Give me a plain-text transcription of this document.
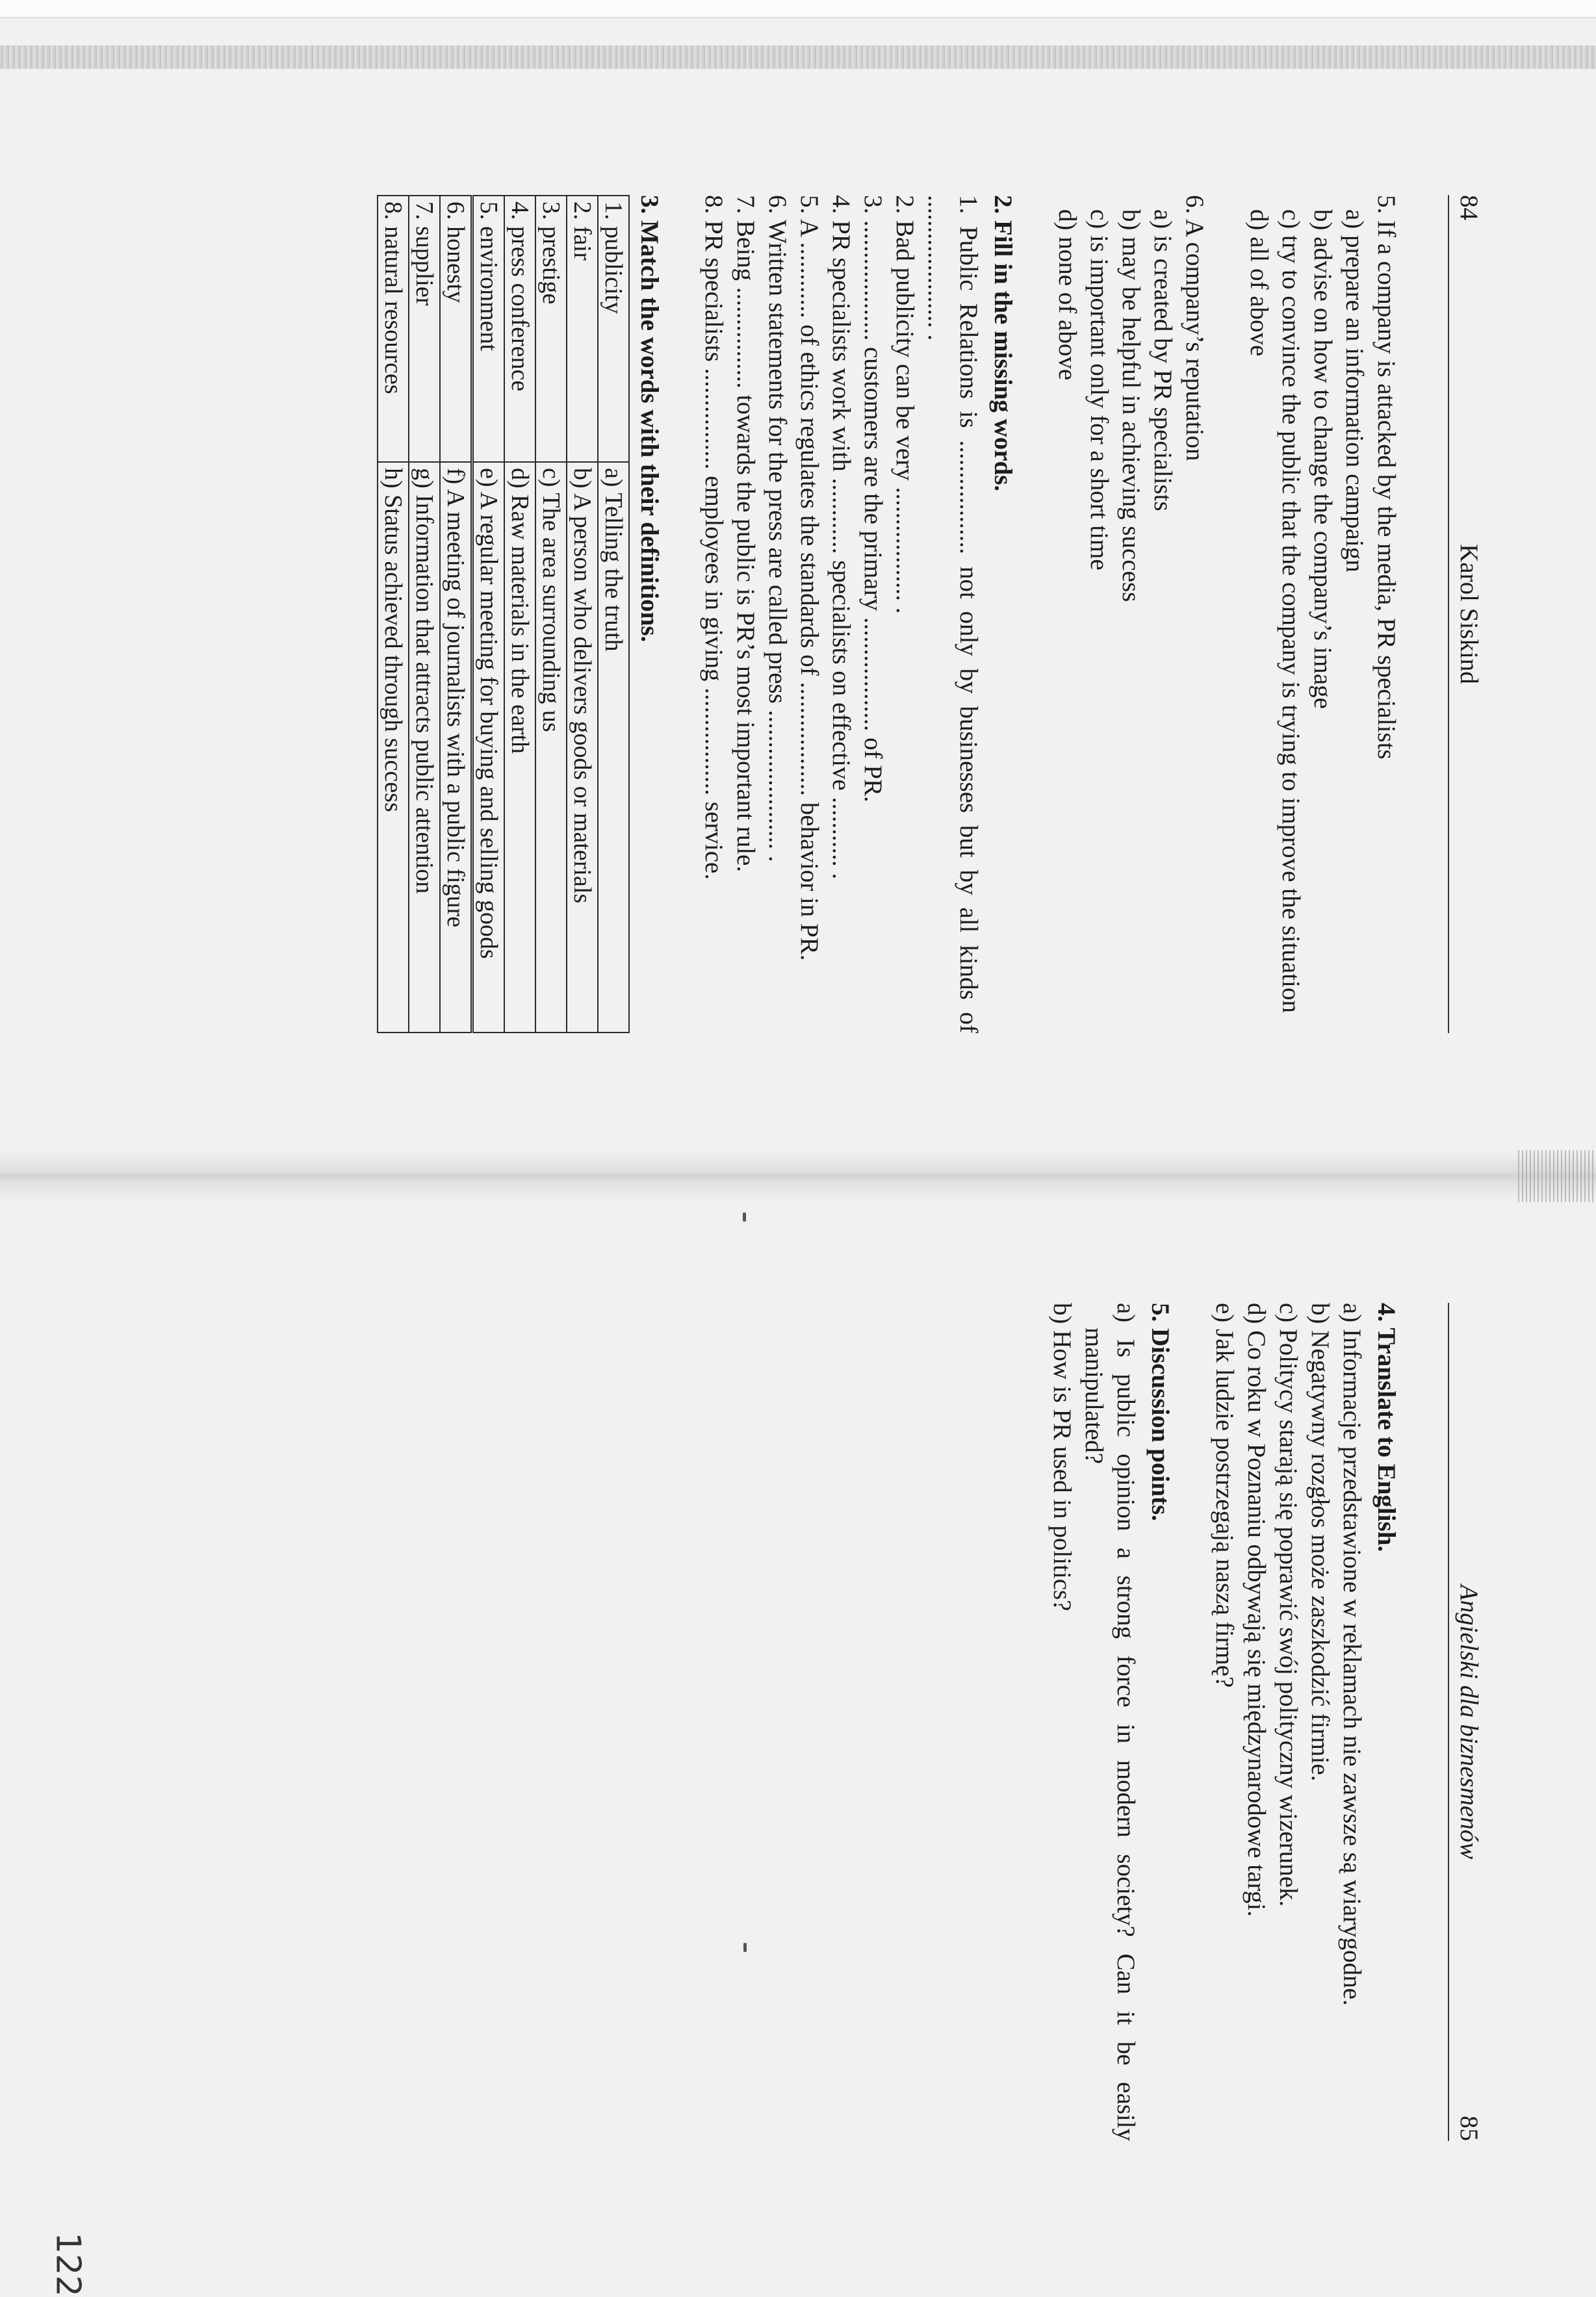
122
84
Karol Siskind

5. If a company is attacked by the media, PR specialists

a) prepare an information campaign
b) advise on how to change the company’s image
c) try to convince the public that the company is trying to improve the situation
d) all of above

6. A company’s reputation

a) is created by PR specialists
b) may be helpful in achieving success
c) is important only for a short time
d) none of above

2. Fill in the missing words.

1. Public Relations is .................. not only by businesses but by all kinds of ..................... .
2. Bad publicity can be very .................. .
3. ................... customers are the primary .................. of PR.
4. PR specialists work with ............ specialists on effective ........... .
5. A ............ of ethics regulates the standards of .................. behavior in PR.
6. Written statements for the press are called press ...................... .
7. Being ................ towards the public is PR’s most important rule.
8. PR specialists ................ employees in giving ................. service.

3. Match the words with their definitions.

1. publicity	a) Telling the truth
2. fair	b) A person who delivers goods or materials
3. prestige	c) The area surrounding us
4. press conference	d) Raw materials in the earth
5. environment	e) A regular meeting for buying and selling goods
6. honesty	f) A meeting of journalists with a public figure
7. supplier	g) Information that attracts public attention
8. natural resources	h) Status achieved through success
Angielski dla biznesmenów
85

4. Translate to English.

a) Informacje przedstawione w reklamach nie zawsze są wiarygodne.
b) Negatywny rozgłos może zaszkodzić firmie.
c) Politycy starają się poprawić swój polityczny wizerunek.
d) Co roku w Poznaniu odbywają się międzynarodowe targi.
e) Jak ludzie postrzegają naszą firmę?

5. Discussion points.

a) Is public opinion a strong force in modern society? Can it be easily manipulated?
b) How is PR used in politics?
